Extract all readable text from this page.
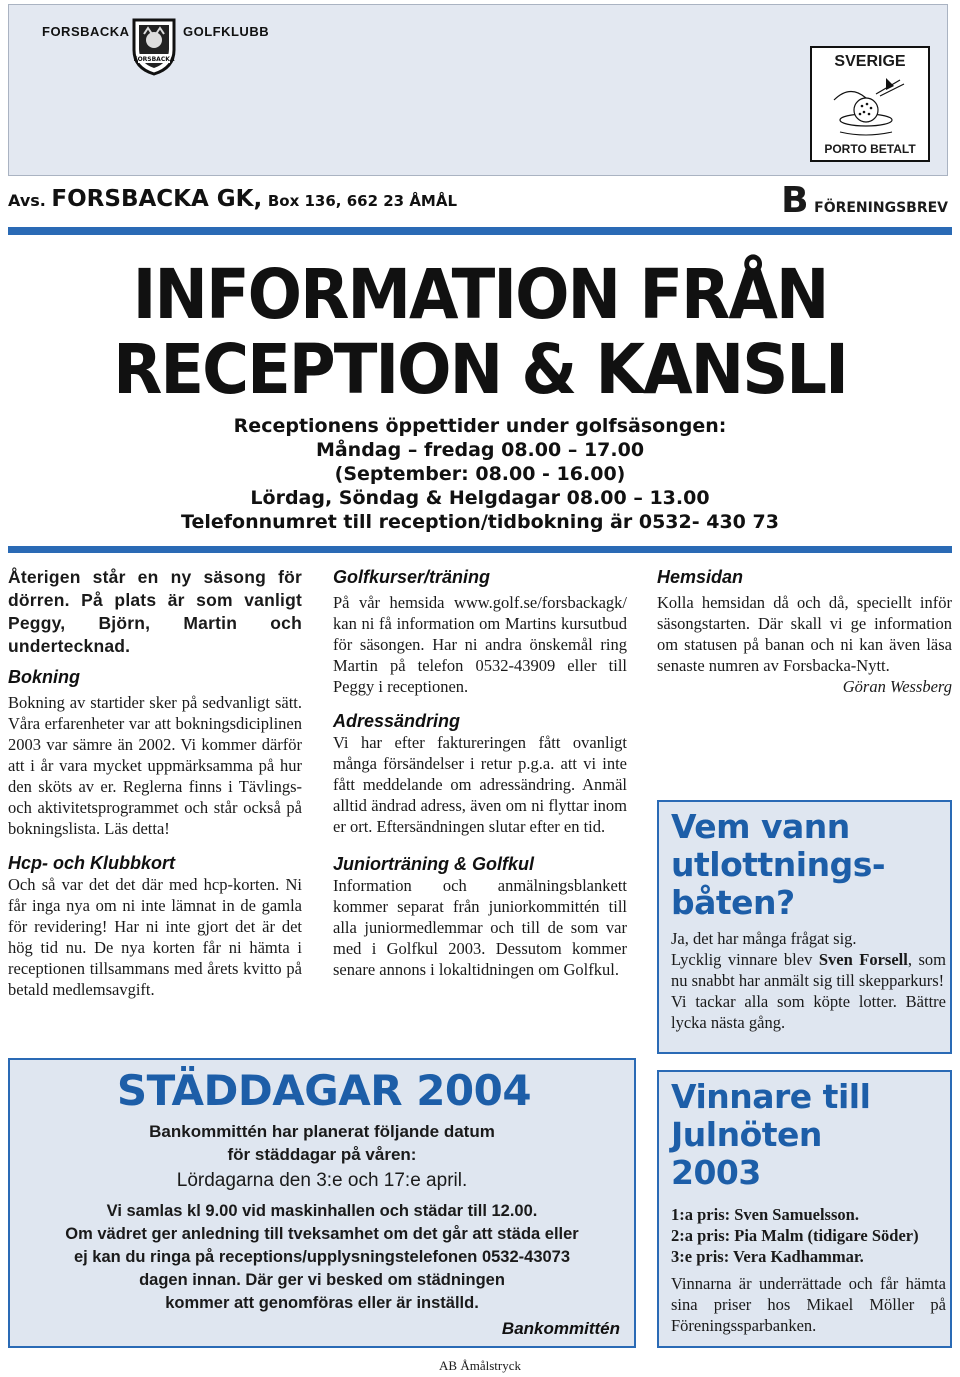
FORSBACKA	GOLFKLUBB
FORSBACKA	SVERIGE
PORTO BETALT
Avs. FORSBACKA GK, Box 136, 662 23 ÅMÅL	B FÖRENINGSBREV
INFORMATION FRÅN
RECEPTION & KANSLI
Receptionens öppettider under golfsäsongen:
Måndag – fredag 08.00 – 17.00
(September: 08.00 - 16.00)
Lördag, Söndag & Helgdagar 08.00 – 13.00
Telefonnumret till reception/tidbokning är 0532- 430 73

Återigen står en ny säsong för dörren. På plats är som vanligt Peggy, Björn, Martin och undertecknad.

Bokning

Bokning av startider sker på sedvanligt sätt. Våra erfarenheter var att bokningsdiciplinen 2003 var sämre än 2002. Vi kommer därför att i år vara mycket uppmärksamma på hur den sköts av er. Reglerna finns i Tävlings- och aktivitetsprogrammet och står också på bokningslista. Läs detta!

Hcp- och Klubbkort

Och så var det det där med hcp-korten. Ni får inga nya om ni inte lämnat in de gamla för revidering! Har ni inte gjort det är det hög tid nu. De nya korten får ni hämta i receptionen tillsammans med årets kvitto på betald medlemsavgift.

Golfkurser/träning

På vår hemsida www.golf.se/forsbackagk/ kan ni få information om Martins kursutbud för säsongen. Har ni andra önskemål ring Martin på telefon 0532-43909 eller till Peggy i receptionen.

Adressändring

Vi har efter faktureringen fått ovanligt många försändelser i retur p.g.a. att vi inte fått meddelande om adressändring. Anmäl alltid ändrad adress, även om ni flyttar inom er ort. Eftersändningen slutar efter en tid.

Juniorträning & Golfkul

Information och anmälningsblankett kommer separat från juniorkommittén till alla juniormedlemmar och till de som var med i Golfkul 2003. Dessutom kommer senare annons i lokaltidningen om Golfkul.

Hemsidan

Kolla hemsidan då och då, speciellt inför säsongstarten. Där skall vi ge information om statusen på banan och ni kan även läsa senaste numren av Forsbacka-Nytt.

Göran Wessberg
Vem vann
utlottnings-
båten?

Ja, det har många frågat sig.

Lycklig vinnare blev Sven Forsell, som nu snabbt har anmält sig till skepparkurs!

Vi tackar alla som köpte lotter. Bättre lycka nästa gång.

Vinnare till
Julnöten
2003

1:a pris: Sven Samuelsson.

2:a pris: Pia Malm (tidigare Söder)

3:e pris: Vera Kadhammar.

Vinnarna är underrättade och får hämta sina priser hos Mikael Möller på Föreningssparbanken.

STÄDDAGAR 2004
Bankommittén har planerat följande datum
för städdagar på våren:
Lördagarna den 3:e och 17:e april.
Vi samlas kl 9.00 vid maskinhallen och städar till 12.00.
Om vädret ger anledning till tveksamhet om det går att städa eller
ej kan du ringa på receptions/upplysningstelefonen 0532-43073
dagen innan. Där ger vi besked om städningen
kommer att genomföras eller är inställd.
Bankommittén
AB Åmålstryck
